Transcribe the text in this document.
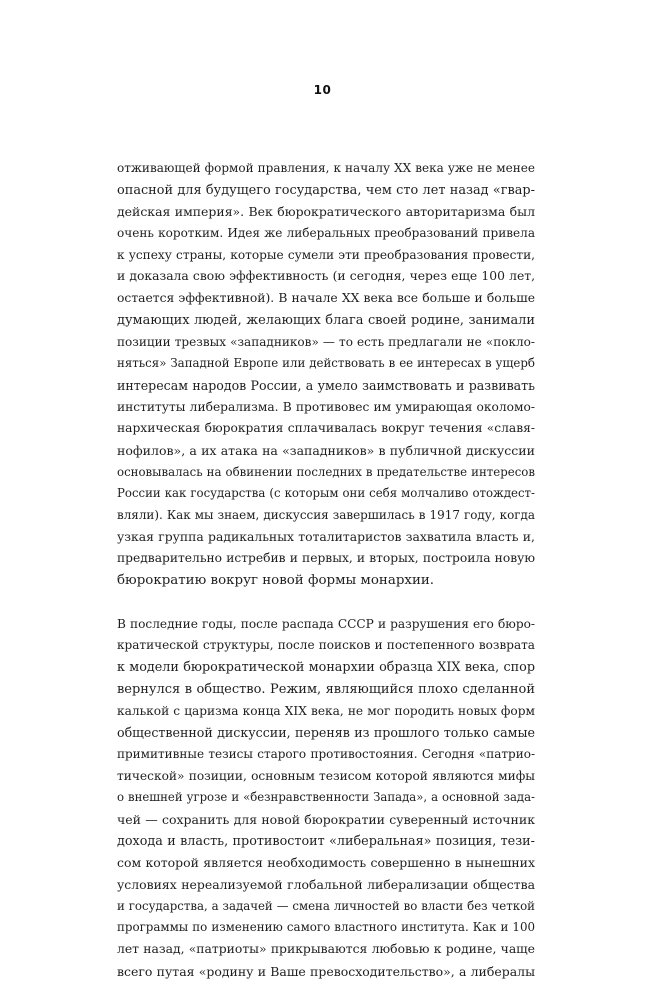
10

отживающей формой правления, к началу XX века уже не менее
опасной для будущего государства, чем сто лет назад «гвар-
дейская империя». Век бюрократического авторитаризма был
очень коротким. Идея же либеральных преобразований привела
к успеху страны, которые сумели эти преобразования провести,
и доказала свою эффективность (и сегодня, через еще 100 лет,
остается эффективной). В начале XX века все больше и больше
думающих людей, желающих блага своей родине, занимали
позиции трезвых «западников» — то есть предлагали не «покло-
няться» Западной Европе или действовать в ее интересах в ущерб
интересам народов России, а умело заимствовать и развивать
институты либерализма. В противовес им умирающая околомо-
нархическая бюрократия сплачивалась вокруг течения «славя-
нофилов», а их атака на «западников» в публичной дискуссии
основывалась на обвинении последних в предательстве интересов
России как государства (с которым они себя молчаливо отождест-
вляли). Как мы знаем, дискуссия завершилась в 1917 году, когда
узкая группа радикальных тоталитаристов захватила власть и,
предварительно истребив и первых, и вторых, построила новую
бюрократию вокруг новой формы монархии.

В последние годы, после распада СССР и разрушения его бюро-
кратической структуры, после поисков и постепенного возврата
к модели бюрократической монархии образца XIX века, спор
вернулся в общество. Режим, являющийся плохо сделанной
калькой с царизма конца XIX века, не мог породить новых форм
общественной дискуссии, переняв из прошлого только самые
примитивные тезисы старого противостояния. Сегодня «патрио-
тической» позиции, основным тезисом которой являются мифы
о внешней угрозе и «безнравственности Запада», а основной зада-
чей — сохранить для новой бюрократии суверенный источник
дохода и власть, противостоит «либеральная» позиция, тези-
сом которой является необходимость совершенно в нынешних
условиях нереализуемой глобальной либерализации общества
и государства, а задачей — смена личностей во власти без четкой
программы по изменению самого властного института. Как и 100
лет назад, «патриоты» прикрываются любовью к родине, чаще
всего путая «родину и Ваше превосходительство», а либералы
